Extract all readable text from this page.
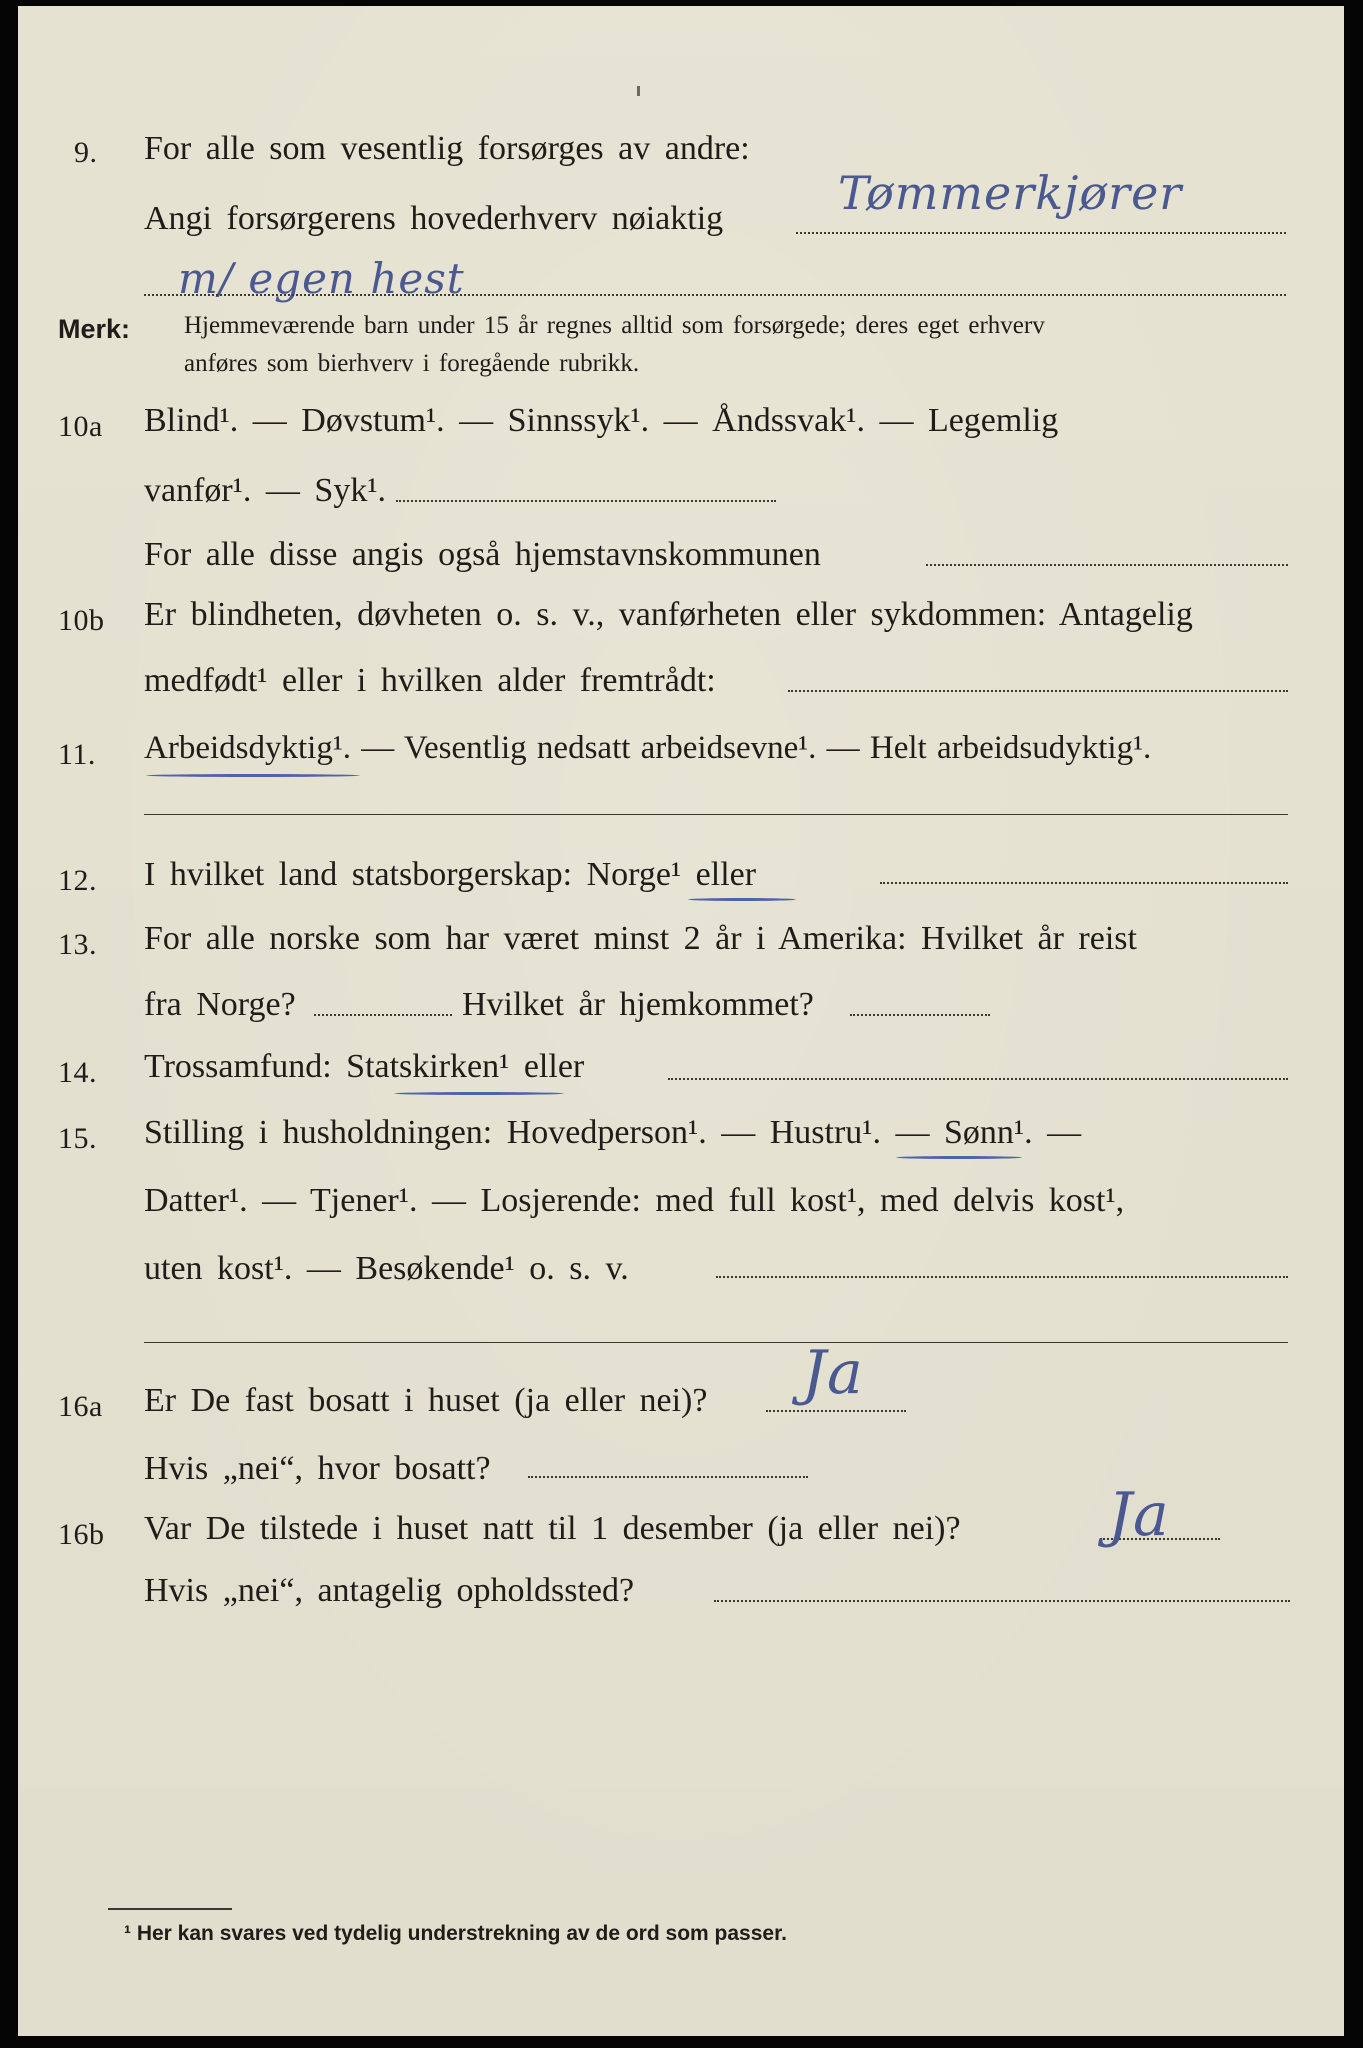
9. For alle som vesentlig forsørges av andre:
Angi forsørgerens hovederhverv nøiaktig Tømmerkjører
m/ egen hest
Merk: Hjemmeværende barn under 15 år regnes alltid som forsørgede; deres eget erhverv
anføres som bierhverv i foregående rubrikk.
10a Blind¹. — Døvstum¹. — Sinnssyk¹. — Åndssvak¹. — Legemlig
vanfør¹. — Syk¹.
For alle disse angis også hjemstavnskommunen
10b Er blindheten, døvheten o. s. v., vanførheten eller sykdommen: Antagelig
medfødt¹ eller i hvilken alder fremtrådt:
11. Arbeidsdyktig¹. — Vesentlig nedsatt arbeidsevne¹. — Helt arbeidsudyktig¹.
12. I hvilket land statsborgerskap: Norge¹ eller
13. For alle norske som har været minst 2 år i Amerika: Hvilket år reist
fra Norge?	Hvilket år hjemkommet?
14. Trossamfund: Statskirken¹ eller
15. Stilling i husholdningen: Hovedperson¹. — Hustru¹. — Sønn¹. —
Datter¹. — Tjener¹. — Losjerende: med full kost¹, med delvis kost¹,
uten kost¹. — Besøkende¹ o. s. v.
16a Er De fast bosatt i huset (ja eller nei)? Ja
Hvis „nei“, hvor bosatt?
16b Var De tilstede i huset natt til 1 desember (ja eller nei)? Ja
Hvis „nei“, antagelig opholdssted?
¹ Her kan svares ved tydelig understrekning av de ord som passer.
